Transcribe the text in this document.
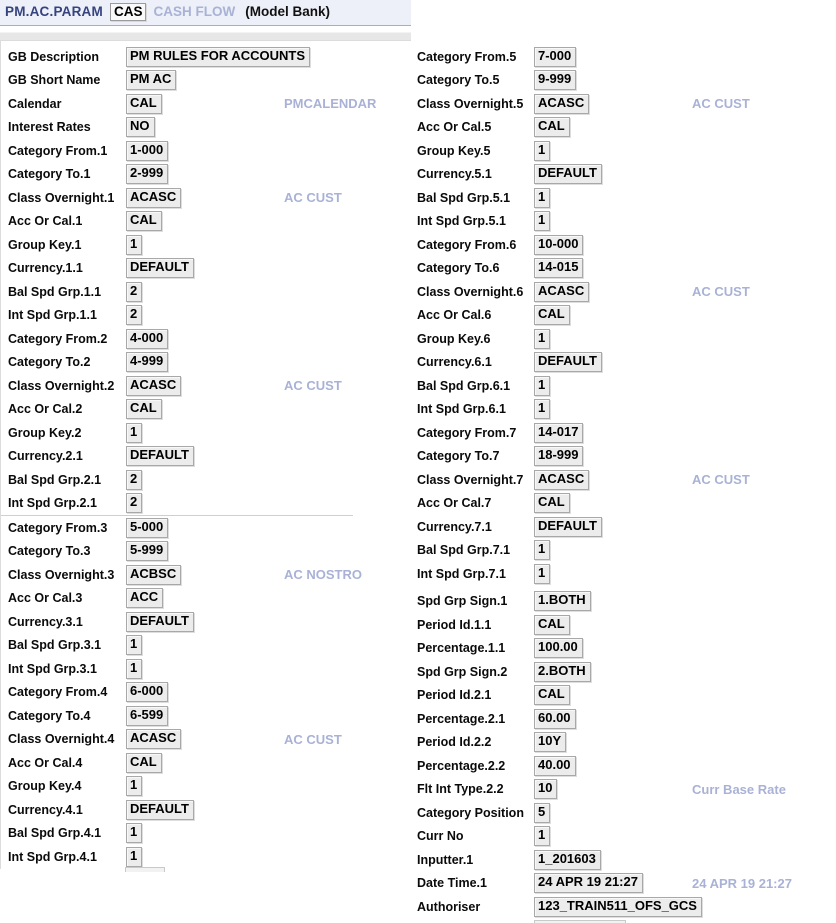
PM.AC.PARAM CAS CASH FLOW (Model Bank)
GB Description	PM RULES FOR ACCOUNTS
GB Short Name	PM AC
Calendar	CAL	PMCALENDAR
Interest Rates	NO
Category From.1	1-000
Category To.1	2-999
Class Overnight.1	ACASC	AC CUST
Acc Or Cal.1	CAL
Group Key.1	1
Currency.1.1	DEFAULT
Bal Spd Grp.1.1	2
Int Spd Grp.1.1	2
Category From.2	4-000
Category To.2	4-999
Class Overnight.2	ACASC	AC CUST
Acc Or Cal.2	CAL
Group Key.2	1
Currency.2.1	DEFAULT
Bal Spd Grp.2.1	2
Int Spd Grp.2.1	2
Category From.3	5-000
Category To.3	5-999
Class Overnight.3	ACBSC	AC NOSTRO
Acc Or Cal.3	ACC
Currency.3.1	DEFAULT
Bal Spd Grp.3.1	1
Int Spd Grp.3.1	1
Category From.4	6-000
Category To.4	6-599
Class Overnight.4	ACASC	AC CUST
Acc Or Cal.4	CAL
Group Key.4	1
Currency.4.1	DEFAULT
Bal Spd Grp.4.1	1
Int Spd Grp.4.1	1
Category From.5	7-000
Category To.5	9-999
Class Overnight.5	ACASC	AC CUST
Acc Or Cal.5	CAL
Group Key.5	1
Currency.5.1	DEFAULT
Bal Spd Grp.5.1	1
Int Spd Grp.5.1	1
Category From.6	10-000
Category To.6	14-015
Class Overnight.6	ACASC	AC CUST
Acc Or Cal.6	CAL
Group Key.6	1
Currency.6.1	DEFAULT
Bal Spd Grp.6.1	1
Int Spd Grp.6.1	1
Category From.7	14-017
Category To.7	18-999
Class Overnight.7	ACASC	AC CUST
Acc Or Cal.7	CAL
Currency.7.1	DEFAULT
Bal Spd Grp.7.1	1
Int Spd Grp.7.1	1
Spd Grp Sign.1	1.BOTH
Period Id.1.1	CAL
Percentage.1.1	100.00
Spd Grp Sign.2	2.BOTH
Period Id.2.1	CAL
Percentage.2.1	60.00
Period Id.2.2	10Y
Percentage.2.2	40.00
Flt Int Type.2.2	10	Curr Base Rate
Category Position	5
Curr No	1
Inputter.1	1_201603
Date Time.1	24 APR 19 21:27	24 APR 19 21:27
Authoriser	123_TRAIN511_OFS_GCS
